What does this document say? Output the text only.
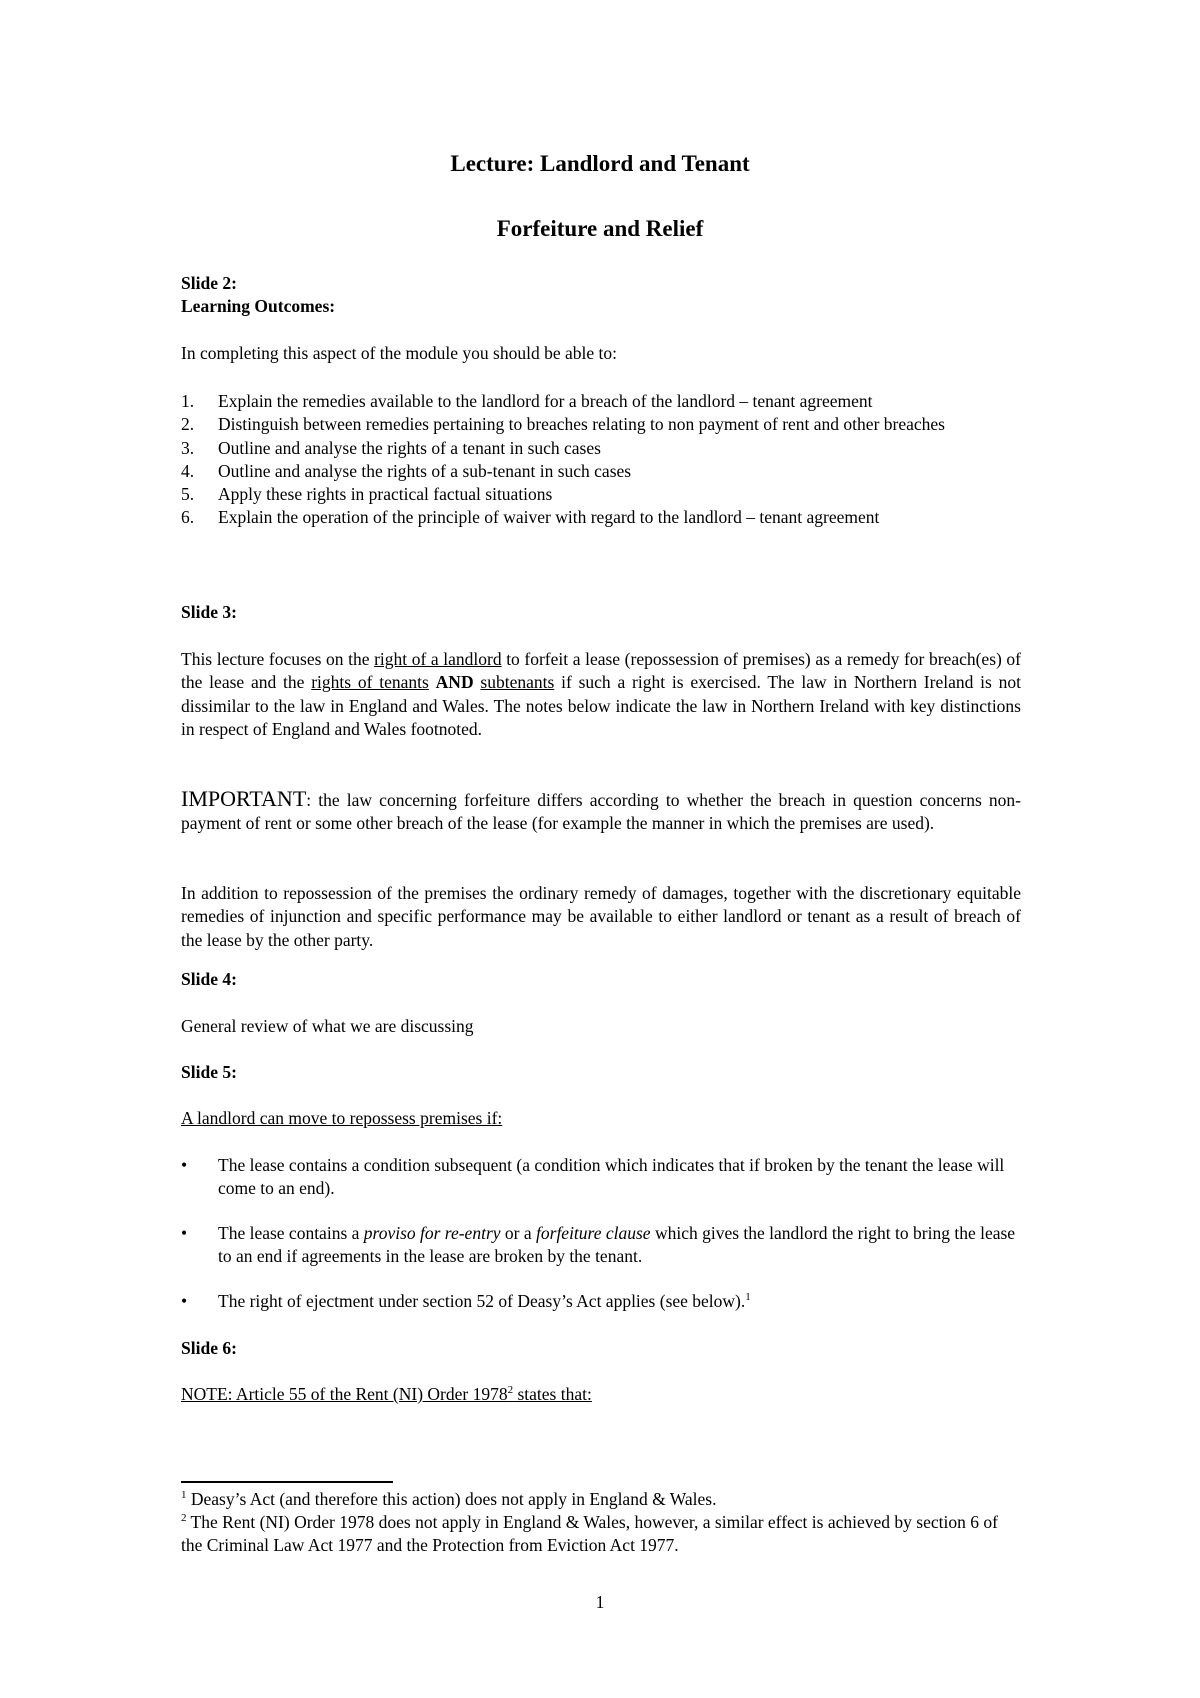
Lecture: Landlord and Tenant
Forfeiture and Relief
Slide 2:
Learning Outcomes:
In completing this aspect of the module you should be able to:
1. Explain the remedies available to the landlord for a breach of the landlord – tenant agreement
2. Distinguish between remedies pertaining to breaches relating to non payment of rent and other breaches
3. Outline and analyse the rights of a tenant in such cases
4. Outline and analyse the rights of a sub-tenant in such cases
5. Apply these rights in practical factual situations
6. Explain the operation of the principle of waiver with regard to the landlord – tenant agreement
Slide 3:
This lecture focuses on the right of a landlord to forfeit a lease (repossession of premises) as a remedy for breach(es) of the lease and the rights of tenants AND subtenants if such a right is exercised. The law in Northern Ireland is not dissimilar to the law in England and Wales. The notes below indicate the law in Northern Ireland with key distinctions in respect of England and Wales footnoted.
IMPORTANT: the law concerning forfeiture differs according to whether the breach in question concerns non-payment of rent or some other breach of the lease (for example the manner in which the premises are used).
In addition to repossession of the premises the ordinary remedy of damages, together with the discretionary equitable remedies of injunction and specific performance may be available to either landlord or tenant as a result of breach of the lease by the other party.
Slide 4:
General review of what we are discussing
Slide 5:
A landlord can move to repossess premises if:
• The lease contains a condition subsequent (a condition which indicates that if broken by the tenant the lease will come to an end).
• The lease contains a proviso for re-entry or a forfeiture clause which gives the landlord the right to bring the lease to an end if agreements in the lease are broken by the tenant.
• The right of ejectment under section 52 of Deasy’s Act applies (see below).$^1$
Slide 6:
NOTE: Article 55 of the Rent (NI) Order 1978$^2$ states that:
$^1$ Deasy’s Act (and therefore this action) does not apply in England & Wales.
$^2$ The Rent (NI) Order 1978 does not apply in England & Wales, however, a similar effect is achieved by section 6 of the Criminal Law Act 1977 and the Protection from Eviction Act 1977.
1
